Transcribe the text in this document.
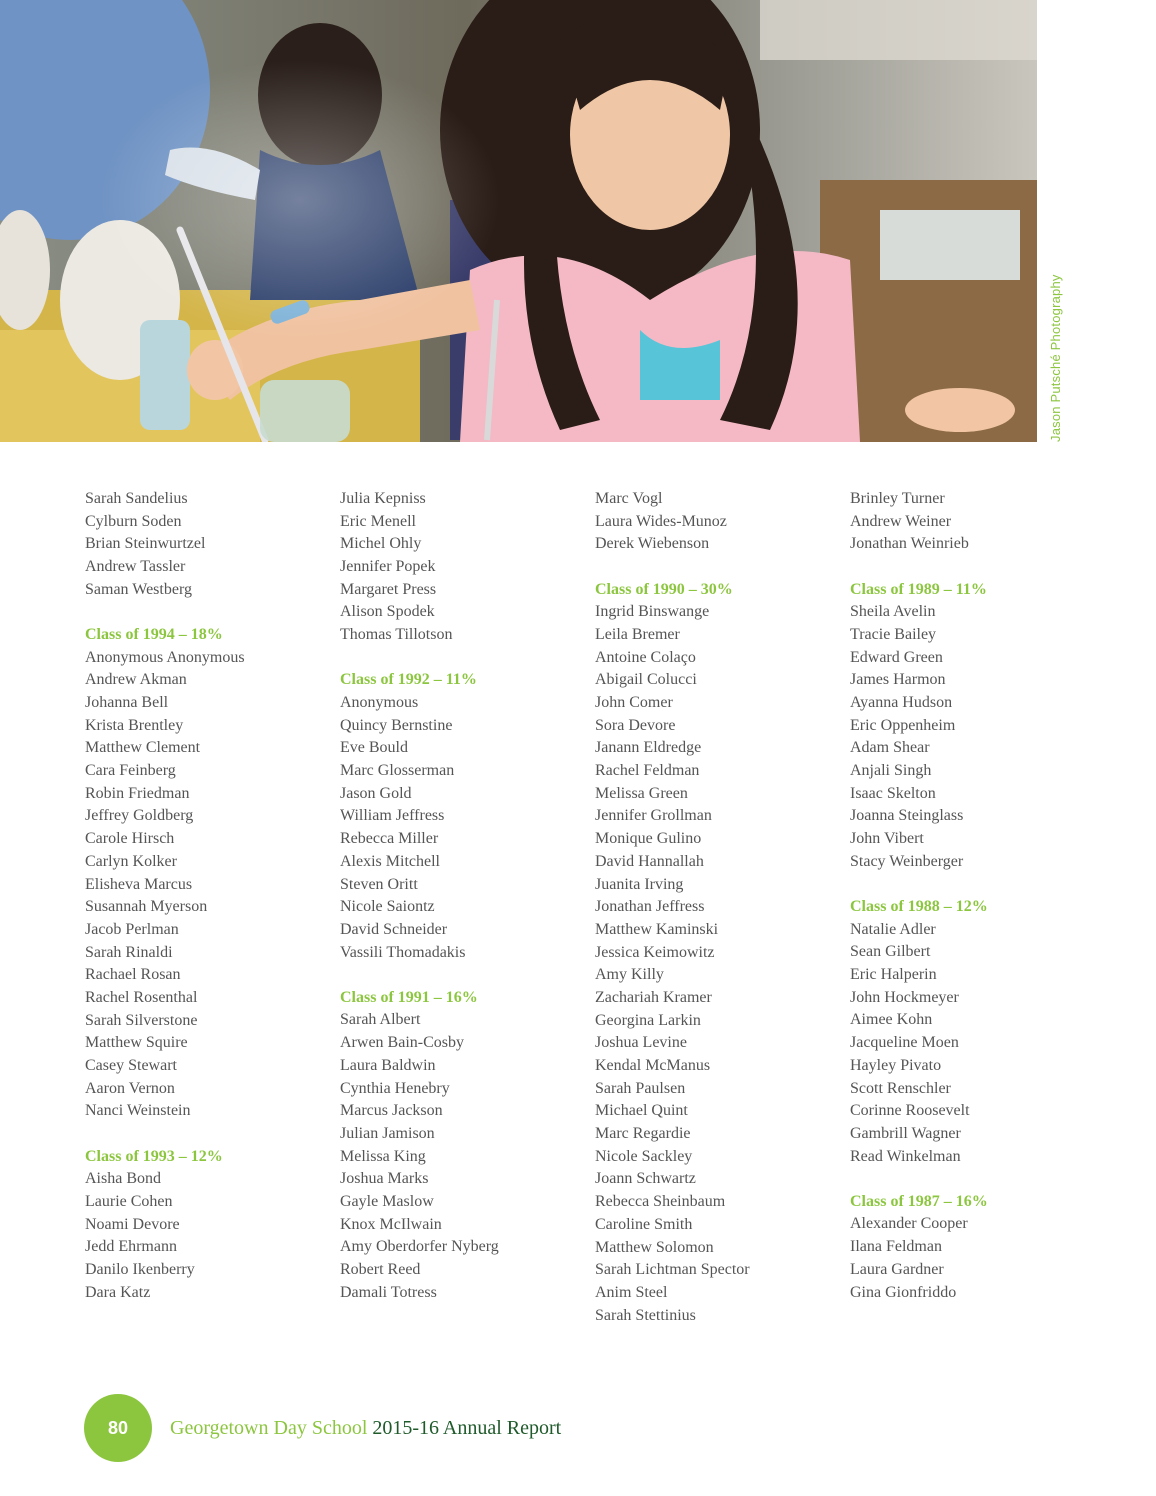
Jason Putsché Photography
Sarah Sandelius
Cylburn Soden
Brian Steinwurtzel
Andrew Tassler
Saman Westberg
Class of 1994 – 18%
Anonymous Anonymous
Andrew Akman
Johanna Bell
Krista Brentley
Matthew Clement
Cara Feinberg
Robin Friedman
Jeffrey Goldberg
Carole Hirsch
Carlyn Kolker
Elisheva Marcus
Susannah Myerson
Jacob Perlman
Sarah Rinaldi
Rachael Rosan
Rachel Rosenthal
Sarah Silverstone
Matthew Squire
Casey Stewart
Aaron Vernon
Nanci Weinstein
Class of 1993 – 12%
Aisha Bond
Laurie Cohen
Noami Devore
Jedd Ehrmann
Danilo Ikenberry
Dara Katz
Julia Kepniss
Eric Menell
Michel Ohly
Jennifer Popek
Margaret Press
Alison Spodek
Thomas Tillotson
Class of 1992 – 11%
Anonymous
Quincy Bernstine
Eve Bould
Marc Glosserman
Jason Gold
William Jeffress
Rebecca Miller
Alexis Mitchell
Steven Oritt
Nicole Saiontz
David Schneider
Vassili Thomadakis
Class of 1991 – 16%
Sarah Albert
Arwen Bain-Cosby
Laura Baldwin
Cynthia Henebry
Marcus Jackson
Julian Jamison
Melissa King
Joshua Marks
Gayle Maslow
Knox McIlwain
Amy Oberdorfer Nyberg
Robert Reed
Damali Totress
Marc Vogl
Laura Wides-Munoz
Derek Wiebenson
Class of 1990 – 30%
Ingrid Binswange
Leila Bremer
Antoine Colaço
Abigail Colucci
John Comer
Sora Devore
Janann Eldredge
Rachel Feldman
Melissa Green
Jennifer Grollman
Monique Gulino
David Hannallah
Juanita Irving
Jonathan Jeffress
Matthew Kaminski
Jessica Keimowitz
Amy Killy
Zachariah Kramer
Georgina Larkin
Joshua Levine
Kendal McManus
Sarah Paulsen
Michael Quint
Marc Regardie
Nicole Sackley
Joann Schwartz
Rebecca Sheinbaum
Caroline Smith
Matthew Solomon
Sarah Lichtman Spector
Anim Steel
Sarah Stettinius
Brinley Turner
Andrew Weiner
Jonathan Weinrieb
Class of 1989 – 11%
Sheila Avelin
Tracie Bailey
Edward Green
James Harmon
Ayanna Hudson
Eric Oppenheim
Adam Shear
Anjali Singh
Isaac Skelton
Joanna Steinglass
John Vibert
Stacy Weinberger
Class of 1988 – 12%
Natalie Adler
Sean Gilbert
Eric Halperin
John Hockmeyer
Aimee Kohn
Jacqueline Moen
Hayley Pivato
Scott Renschler
Corinne Roosevelt
Gambrill Wagner
Read Winkelman
Class of 1987 – 16%
Alexander Cooper
Ilana Feldman
Laura Gardner
Gina Gionfriddo
80	Georgetown Day School 2015-16 Annual Report
